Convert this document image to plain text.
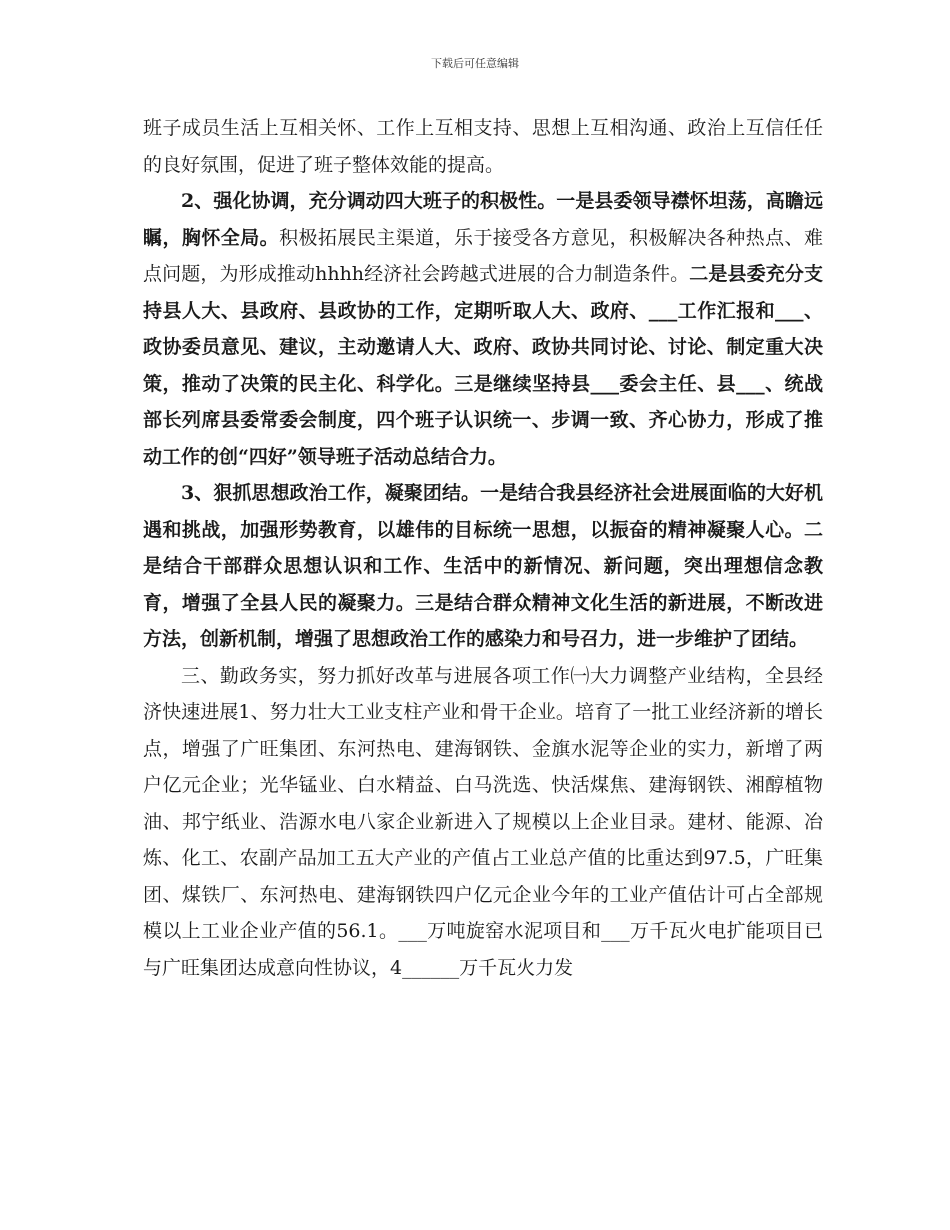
下载后可任意编辑

班子成员生活上互相关怀、工作上互相支持、思想上互相沟通、政治上互信任任的良好氛围，促进了班子整体效能的提高。

2、强化协调，充分调动四大班子的积极性。一是县委领导襟怀坦荡，高瞻远瞩，胸怀全局。积极拓展民主渠道，乐于接受各方意见，积极解决各种热点、难点问题，为形成推动hhhh经济社会跨越式进展的合力制造条件。二是县委充分支持县人大、县政府、县政协的工作，定期听取人大、政府、___工作汇报和___、政协委员意见、建议，主动邀请人大、政府、政协共同讨论、讨论、制定重大决策，推动了决策的民主化、科学化。三是继续坚持县___委会主任、县___、统战部长列席县委常委会制度，四个班子认识统一、步调一致、齐心协力，形成了推动工作的创“四好”领导班子活动总结合力。

3、狠抓思想政治工作，凝聚团结。一是结合我县经济社会进展面临的大好机遇和挑战，加强形势教育，以雄伟的目标统一思想，以振奋的精神凝聚人心。二是结合干部群众思想认识和工作、生活中的新情况、新问题，突出理想信念教育，增强了全县人民的凝聚力。三是结合群众精神文化生活的新进展，不断改进方法，创新机制，增强了思想政治工作的感染力和号召力，进一步维护了团结。

三、勤政务实，努力抓好改革与进展各项工作㈠大力调整产业结构，全县经济快速进展1、努力壮大工业支柱产业和骨干企业。培育了一批工业经济新的增长点，增强了广旺集团、东河热电、建海钢铁、金旗水泥等企业的实力，新增了两户亿元企业；光华锰业、白水精益、白马洗选、快活煤焦、建海钢铁、湘醇植物油、邦宁纸业、浩源水电八家企业新进入了规模以上企业目录。建材、能源、冶炼、化工、农副产品加工五大产业的产值占工业总产值的比重达到97.5，广旺集团、煤铁厂、东河热电、建海钢铁四户亿元企业今年的工业产值估计可占全部规模以上工业企业产值的56.1。___万吨旋窑水泥项目和___万千瓦火电扩能项目已与广旺集团达成意向性协议，4______万千瓦火力发
